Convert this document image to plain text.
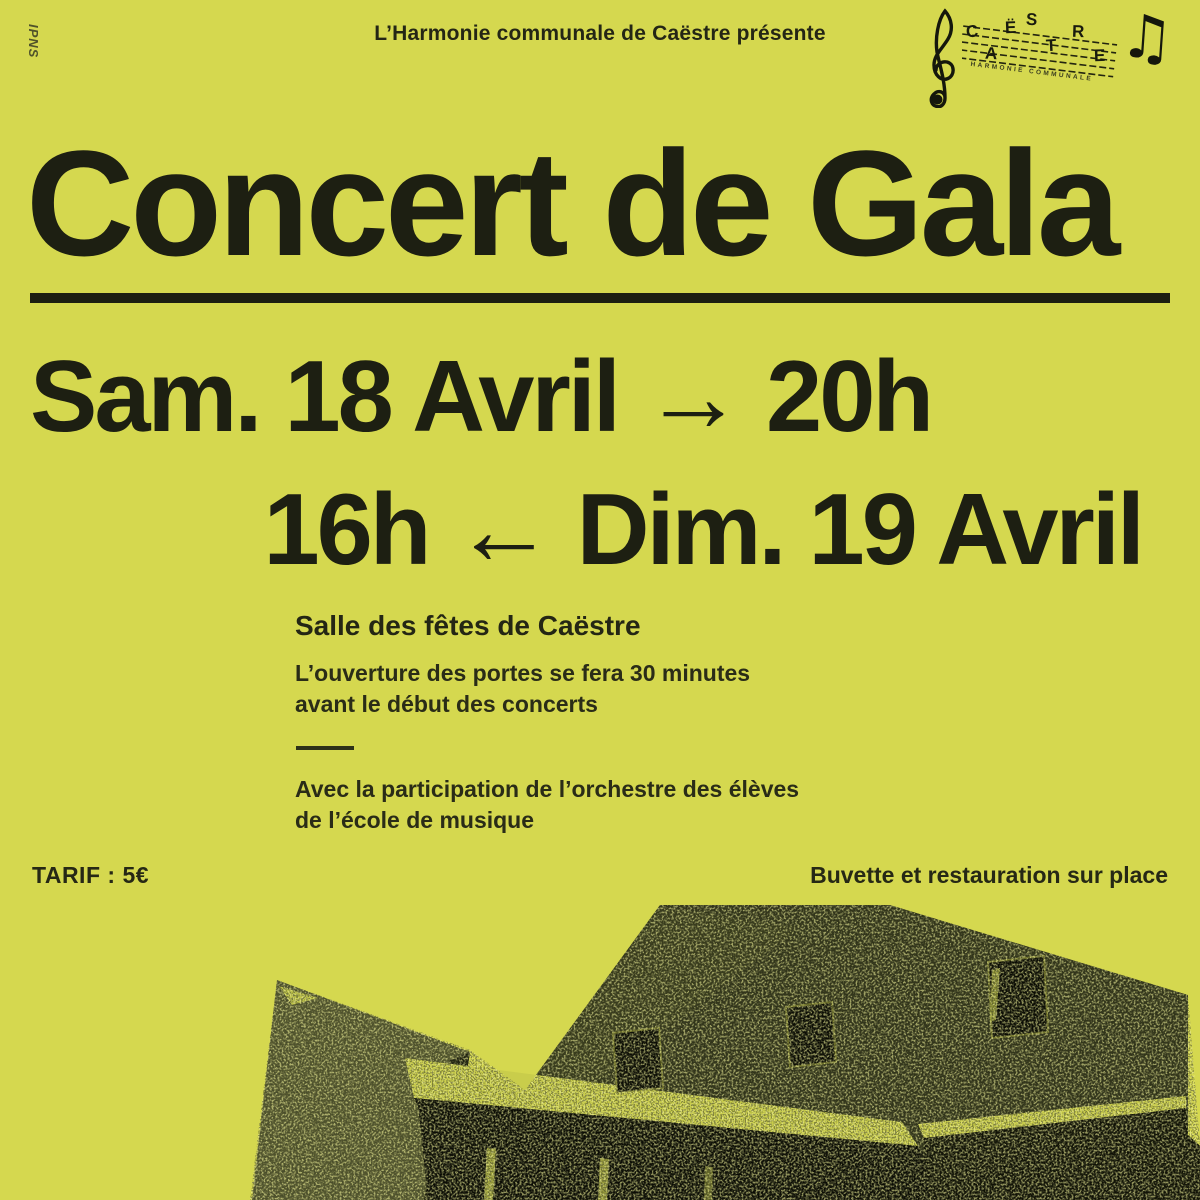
IPNS	L’Harmonie communale de Caëstre présente	C
A
Ë S
T
R
E ♫
HARMONIE COMMUNALE
Concert de Gala

Sam. 18 Avril → 20h

16h ← Dim. 19 Avril

Salle des fêtes de Caëstre

L’ouverture des portes se fera 30 minutes

avant le début des concerts

Avec la participation de l’orchestre des élèves

de l’école de musique

TARIF : 5€	Buvette et restauration sur place
